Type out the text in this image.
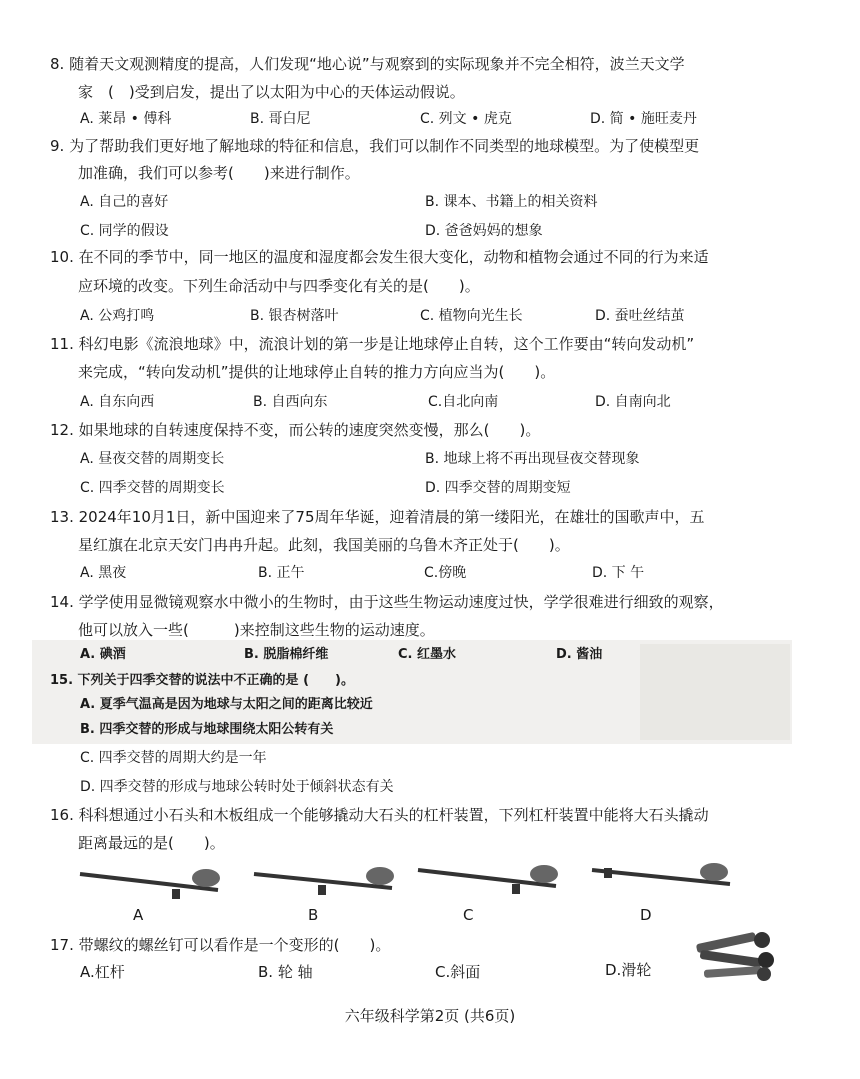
8. 随着天文观测精度的提高，人们发现“地心说”与观察到的实际现象并不完全相符，波兰天文学
家　(　)受到启发，提出了以太阳为中心的天体运动假说。
A. 莱昂 • 傅科	B. 哥白尼	C. 列文 • 虎克	D. 简 • 施旺麦丹
9. 为了帮助我们更好地了解地球的特征和信息，我们可以制作不同类型的地球模型。为了使模型更
加准确，我们可以参考(　　)来进行制作。
A. 自己的喜好	B. 课本、书籍上的相关资料
C. 同学的假设	D. 爸爸妈妈的想象
10. 在不同的季节中，同一地区的温度和湿度都会发生很大变化，动物和植物会通过不同的行为来适
应环境的改变。下列生命活动中与四季变化有关的是(　　)。
A. 公鸡打鸣	B. 银杏树落叶	C. 植物向光生长	D. 蚕吐丝结茧
11. 科幻电影《流浪地球》中，流浪计划的第一步是让地球停止自转，这个工作要由“转向发动机”
来完成，“转向发动机”提供的让地球停止自转的推力方向应当为(　　)。
A. 自东向西	B. 自西向东	C.自北向南	D. 自南向北
12. 如果地球的自转速度保持不变，而公转的速度突然变慢，那么(　　)。
A. 昼夜交替的周期变长	B. 地球上将不再出现昼夜交替现象
C. 四季交替的周期变长	D. 四季交替的周期变短
13. 2024年10月1日，新中国迎来了75周年华诞，迎着清晨的第一缕阳光，在雄壮的国歌声中，五
星红旗在北京天安门冉冉升起。此刻，我国美丽的乌鲁木齐正处于(　　)。
A. 黑夜	B. 正午	C.傍晚	D. 下 午
14. 学学使用显微镜观察水中微小的生物时，由于这些生物运动速度过快，学学很难进行细致的观察，
他可以放入一些(　　　)来控制这些生物的运动速度。
A. 碘酒	B. 脱脂棉纤维	C. 红墨水	D. 酱油
15. 下列关于四季交替的说法中不正确的是 (　　)。
A. 夏季气温高是因为地球与太阳之间的距离比较近
B. 四季交替的形成与地球围绕太阳公转有关
C. 四季交替的周期大约是一年
D. 四季交替的形成与地球公转时处于倾斜状态有关
16. 科科想通过小石头和木板组成一个能够撬动大石头的杠杆装置，下列杠杆装置中能将大石头撬动
距离最远的是(　　)。
A	B	C	D
17. 带螺纹的螺丝钉可以看作是一个变形的(　　)。
A.杠杆	B. 轮 轴	C.斜面	D.滑轮
六年级科学第2页 (共6页)
